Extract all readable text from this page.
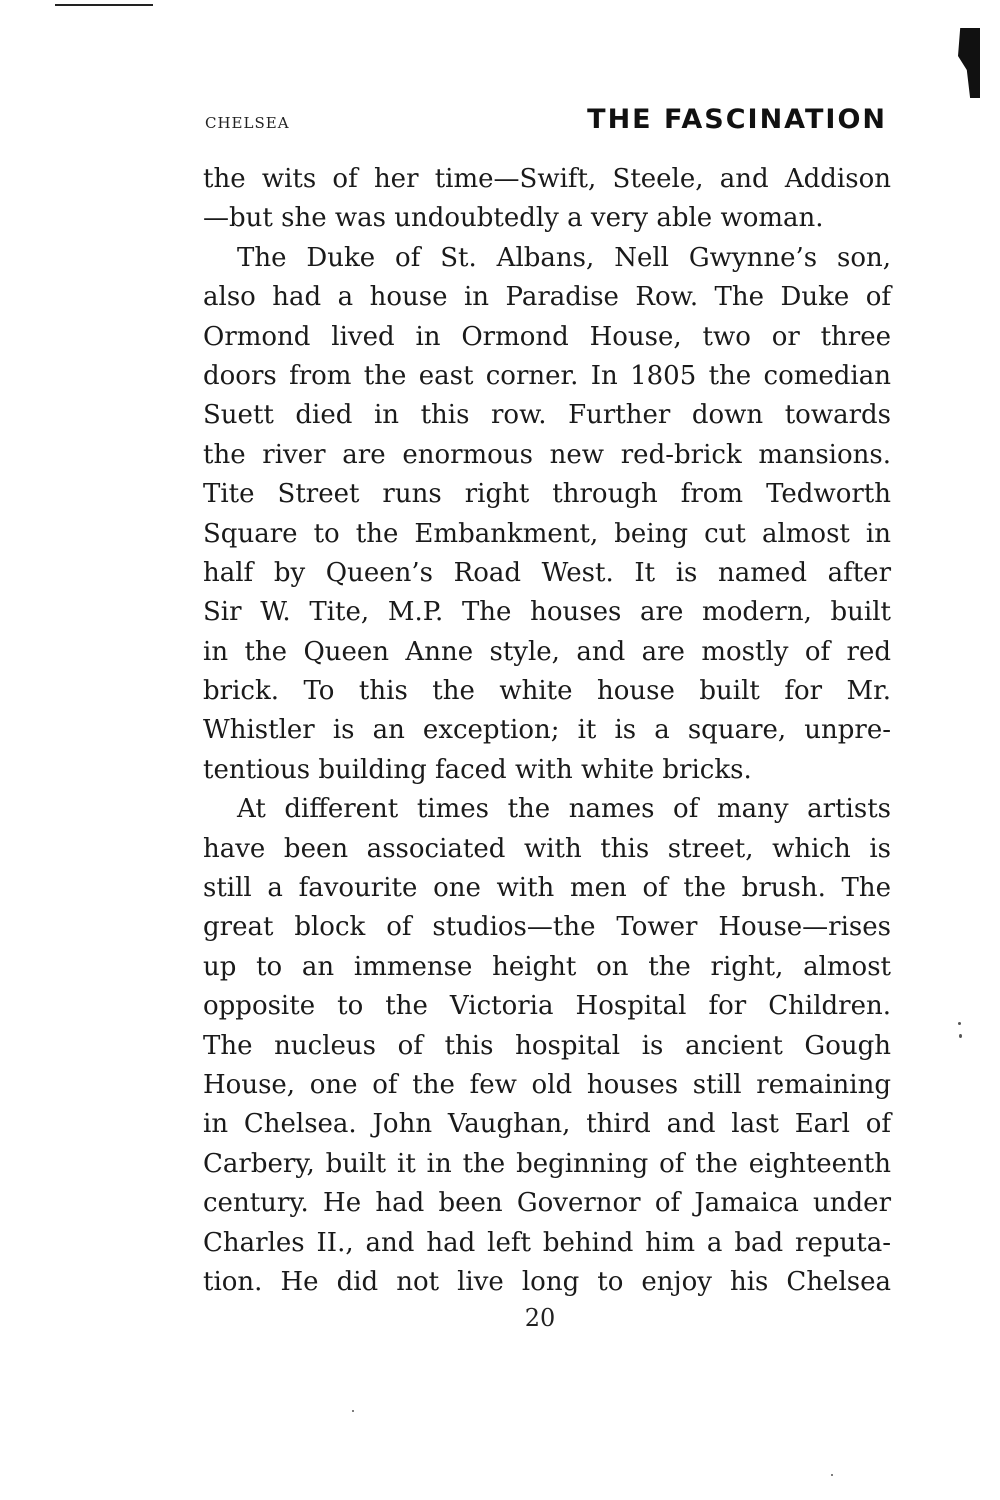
CHELSEA	THE FASCINATION
the wits of her time—Swift, Steele, and Addison
—but she was undoubtedly a very able woman.
The Duke of St. Albans, Nell Gwynne’s son,
also had a house in Paradise Row. The Duke of
Ormond lived in Ormond House, two or three
doors from the east corner. In 1805 the comedian
Suett died in this row. Further down towards
the river are enormous new red-brick mansions.
Tite Street runs right through from Tedworth
Square to the Embankment, being cut almost in
half by Queen’s Road West. It is named after
Sir W. Tite, M.P. The houses are modern, built
in the Queen Anne style, and are mostly of red
brick. To this the white house built for Mr.
Whistler is an exception; it is a square, unpre-
tentious building faced with white bricks.
At different times the names of many artists
have been associated with this street, which is
still a favourite one with men of the brush. The
great block of studios—the Tower House—rises
up to an immense height on the right, almost
opposite to the Victoria Hospital for Children.
The nucleus of this hospital is ancient Gough
House, one of the few old houses still remaining
in Chelsea. John Vaughan, third and last Earl of
Carbery, built it in the beginning of the eighteenth
century. He had been Governor of Jamaica under
Charles II., and had left behind him a bad reputa-
tion. He did not live long to enjoy his Chelsea
20
